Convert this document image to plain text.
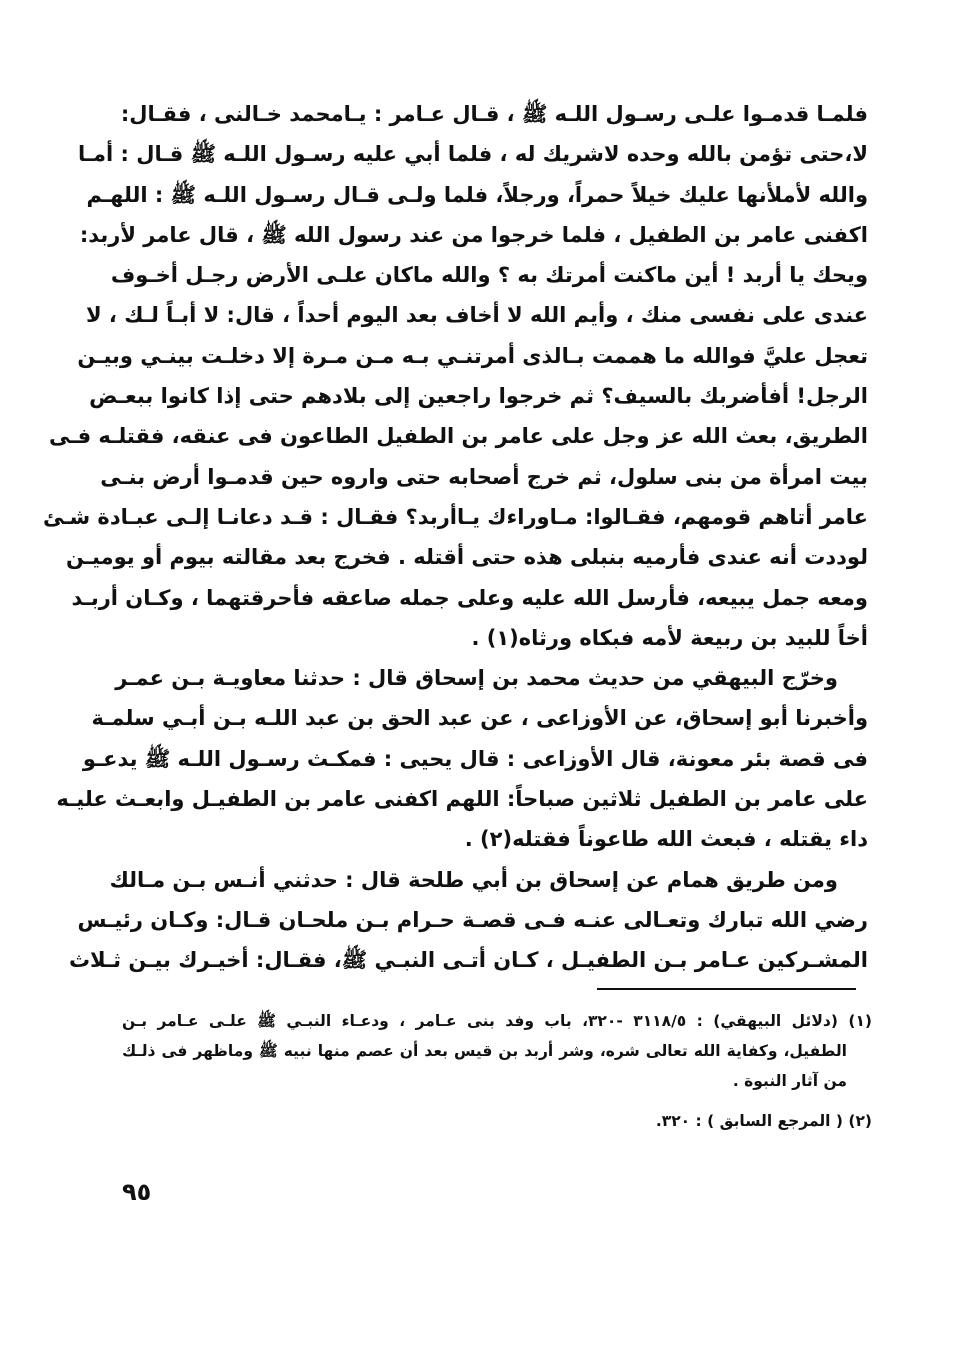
فلمـا قدمـوا علـى رسـول اللـه ﷺ ، قـال عـامر : يـامحمد خـالنى ، فقـال:
لا،حتى تؤمن بالله وحده لاشريك له ، فلما أبي عليه رسـول اللـه ﷺ قـال : أمـا
والله لأملأنها عليك خيلاً حمراً، ورجلاً، فلما ولـى قـال رسـول اللـه ﷺ : اللهـم
اكفنى عامر بن الطفيل ، فلما خرجوا من عند رسول الله ﷺ ، قال عامر لأربد:
ويحك يا أربد ! أين ماكنت أمرتك به ؟ والله ماكان علـى الأرض رجـل أخـوف
عندى على نفسى منك ، وأيم الله لا أخاف بعد اليوم أحداً ، قال: لا أبـاً لـك ، لا
تعجل عليَّ فوالله ما هممت بـالذى أمرتنـي بـه مـن مـرة إلا دخلـت بينـي وبيـن
الرجل! أفأضربك بالسيف؟ ثم خرجوا راجعين إلى بلادهم حتى إذا كانوا ببعـض
الطريق، بعث الله عز وجل على عامر بن الطفيل الطاعون فى عنقه، فقتلـه فـى
بيت امرأة من بنى سلول، ثم خرج أصحابه حتى واروه حين قدمـوا أرض بنـى
عامر أتاهم قومهم، فقـالوا: مـاوراءك يـاأربد؟ فقـال : قـد دعانـا إلـى عبـادة شـئ
لوددت أنه عندى فأرميه بنبلى هذه حتى أقتله . فخرج بعد مقالته بيوم أو يوميـن
ومعه جمل يبيعه، فأرسل الله عليه وعلى جمله صاعقه فأحرقتهما ، وكـان أربـد
أخاً للبيد بن ربيعة لأمه فبكاه ورثاه(١) .
وخرّج البيهقي من حديث محمد بن إسحاق قال : حدثنا معاويـة بـن عمـر
وأخبرنا أبو إسحاق، عن الأوزاعى ، عن عبد الحق بن عبد اللـه بـن أبـي سلمـة
فى قصة بئر معونة، قال الأوزاعى : قال يحيى : فمكـث رسـول اللـه ﷺ يدعـو
على عامر بن الطفيل ثلاثين صباحاً: اللهم اكفنى عامر بن الطفيـل وابعـث عليـه
داء يقتله ، فبعث الله طاعوناً فقتله(٢) .
ومن طريق همام عن إسحاق بن أبي طلحة قال : حدثني أنـس بـن مـالك
رضي الله تبارك وتعـالى عنـه فـى قصـة حـرام بـن ملحـان قـال: وكـان رئيـس
المشـركين عـامر بـن الطفيـل ، كـان أتـى النبـي ﷺ، فقـال: أخيـرك بيـن ثـلاث
(١) (دلائل البيهقي) : ٣١١٨/٥ -٣٢٠، باب وفد بنى عـامر ، ودعـاء النبـي ﷺ علـى عـامر بـن
الطفيل، وكفاية الله تعالى شره، وشر أربد بن قيس بعد أن عصم منها نبيه ﷺ وماظهر فى ذلـك
من آثار النبوة .
(٢) ( المرجع السابق ) : ٣٢٠.
٩٥
